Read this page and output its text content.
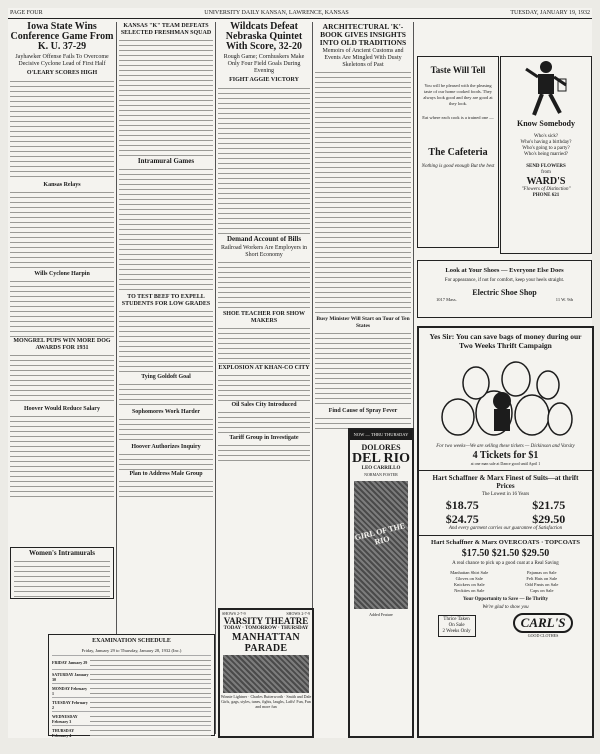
PAGE FOUR	UNIVERSITY DAILY KANSAN, LAWRENCE, KANSAS	TUESDAY, JANUARY 19, 1932
Iowa State Wins Conference Game From K. U. 37-29
Jayhawker Offense Fails To Overcome Decisive Cyclone Lead of First Half
O'LEARY SCORES HIGH
Kansas Relays
Wills Cyclone Harpin
MONGREL PUPS WIN MORE DOG AWARDS FOR 1931
Hoover Would Reduce Salary
Women's Intramurals
KANSAS "K" TEAM DEFEATS SELECTED FRESHMAN SQUAD
Intramural Games
TO TEST BEEF TO EXPELL STUDENTS FOR LOW GRADES
Tying Goldoft Goal
Sophomores Work Harder
Hoover Authorizes Inquiry
Plan to Address Male Group
Wildcats Defeat Nebraska Quintet With Score, 32-20
Rough Game; Cornhuskers Make Only Four Field Goals During Evening
FIGHT AGGIE VICTORY
Demand Account of Bills
Railroad Workers Are Employers in Short Economy
SHOE TEACHER FOR SHOW MAKERS
EXPLOSION AT KHAN-CO CITY
Oil Sales City Introduced
Tariff Group in Investigate
EXAMINATION SCHEDULE
Friday, January 29 to Thursday, January 28, 1932 (Inc.)
FRIDAY January 29
SATURDAY January 30
MONDAY February 1
TUESDAY February 2
WEDNESDAY February 3
THURSDAY February 4
SHOWS 2-7-9	SHOWS 2-7-9
VARSITY THEATRE
TODAY · TOMORROW · THURSDAY
MANHATTAN PARADE
Winnie Lightner · Charles Butterworth · Smith and Dale
Girls, gags, styles, tunes, fights, laughs, Laffs! Fun, Fun and more fun
ARCHITECTURAL 'K'-BOOK GIVES INSIGHTS INTO OLD TRADITIONS
Memoirs of Ancient Customs and Events Are Mingled With Dusty Skeletons of Past
Busy Minister Will Start on Tour of Ten States
Find Cause of Spray Fever
NOW — THRU THURSDAY
DOLORES
DEL RIO
LEO CARRILLO
NORMAN FOSTER
GIRL OF THE RIO
Added Feature
Taste Will Tell
You will be pleased with the pleasing taste of our home cooked foods. They always look good and they are good at they look.
Eat where each cook is a trained one —
The Cafeteria
Nothing is good enough But the best
Know Somebody
Who's sick?
Who's having a birthday?
Who's going to a party?
Who's being married?
SEND FLOWERS
from
WARD'S
"Flowers of Distinction"
PHONE 621
Look at Your Shoes — Everyone Else Does
For appearance, if not for comfort, keep your heels straight.
Electric Shoe Shop
1017 Mass.	11 W. 9th
Yes Sir: You can save bags of money during our Two Weeks Thrift Campaign
For two weeks—We are selling these tickets — Dickinson and Varsity
4 Tickets for $1
at one man sale at Dance good until April 1
Hart Schaffner & Marx Finest of Suits—at thrift Prices
The Lowest in 16 Years
$18.75	$21.75
$24.75	$29.50
And every garment carries our guarantee of Satisfaction
Hart Schaffner & Marx OVERCOATS · TOPCOATS
$17.50 $21.50 $29.50
A real chance to pick up a good coat at a Real Saving
Manhattan Shirt Sale	Pajamas on Sale
Gloves on Sale	Felt Hats on Sale
Knickers on Sale	Odd Pants on Sale
Neckties on Sale	Caps on Sale
Your Opportunity to Save — Be Thrifty
We're glad to show you
Thrice Taken
On Sale
2 Weeks Only
CARL'S
GOOD CLOTHES
